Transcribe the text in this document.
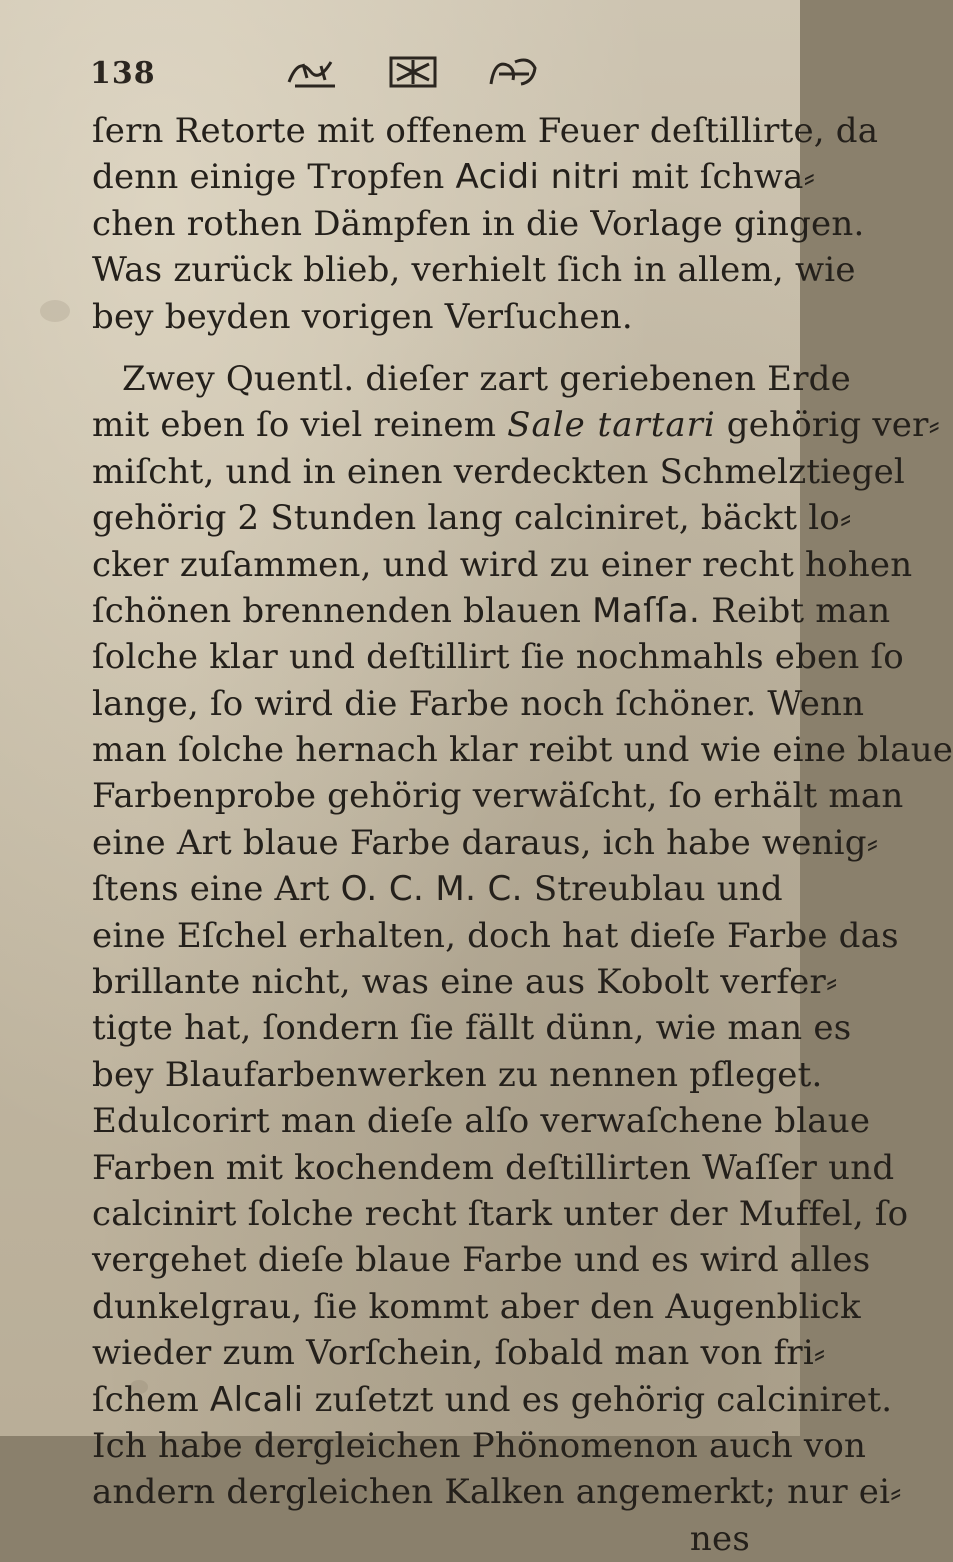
138
ſern Retorte mit offenem Feuer deſtillirte, da
denn einige Tropfen Acidi nitri mit ſchwa⸗
chen rothen Dämpfen in die Vorlage gingen.
Was zurück blieb, verhielt ſich in allem, wie
bey beyden vorigen Verſuchen.
Zwey Quentl. dieſer zart geriebenen Erde
mit eben ſo viel reinem Sale tartari gehörig ver⸗
miſcht, und in einen verdeckten Schmelztiegel
gehörig 2 Stunden lang calciniret, bäckt lo⸗
cker zuſammen, und wird zu einer recht hohen
ſchönen brennenden blauen Maſſa. Reibt man
ſolche klar und deſtillirt ſie nochmahls eben ſo
lange, ſo wird die Farbe noch ſchöner. Wenn
man ſolche hernach klar reibt und wie eine blaue
Farbenprobe gehörig verwäſcht, ſo erhält man
eine Art blaue Farbe daraus, ich habe wenig⸗
ſtens eine Art O. C. M. C. Streublau und
eine Eſchel erhalten, doch hat dieſe Farbe das
brillante nicht, was eine aus Kobolt verfer⸗
tigte hat, ſondern ſie fällt dünn, wie man es
bey Blaufarbenwerken zu nennen pfleget.
Edulcorirt man dieſe alſo verwaſchene blaue
Farben mit kochendem deſtillirten Waſſer und
calcinirt ſolche recht ſtark unter der Muffel, ſo
vergehet dieſe blaue Farbe und es wird alles
dunkelgrau, ſie kommt aber den Augenblick
wieder zum Vorſchein, ſobald man von fri⸗
ſchem Alcali zuſetzt und es gehörig calciniret.
Ich habe dergleichen Phönomenon auch von
andern dergleichen Kalken angemerkt; nur ei⸗
nes
